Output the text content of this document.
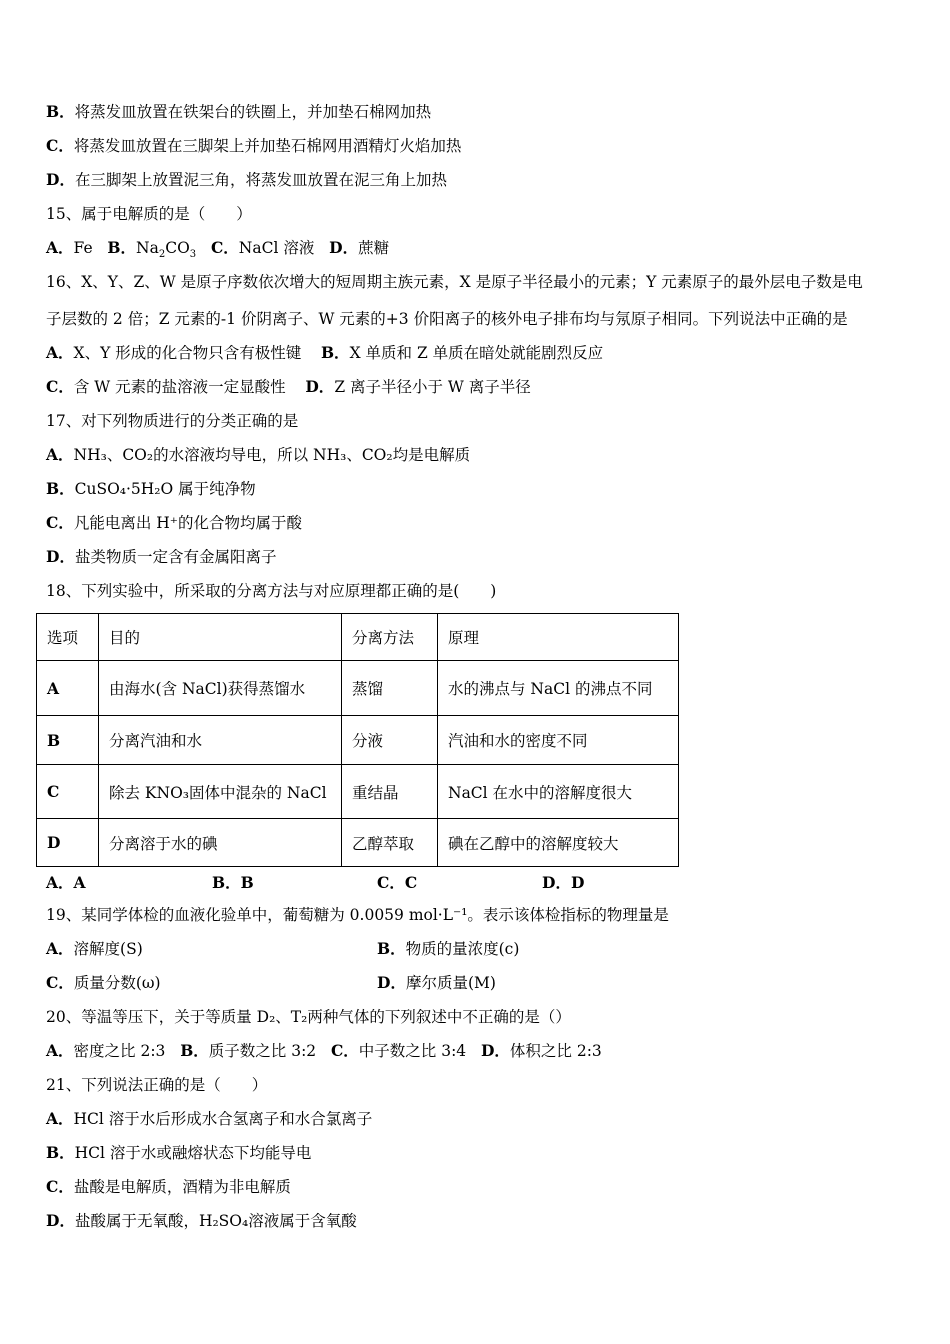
B．将蒸发皿放置在铁架台的铁圈上，并加垫石棉网加热
C．将蒸发皿放置在三脚架上并加垫石棉网用酒精灯火焰加热
D．在三脚架上放置泥三角，将蒸发皿放置在泥三角上加热
15、属于电解质的是（　　）
A．Fe B．$Na_2CO_3$ C．NaCl 溶液 D．蔗糖
16、X、Y、Z、W 是原子序数依次增大的短周期主族元素，X 是原子半径最小的元素；Y 元素原子的最外层电子数是电
子层数的 2 倍；Z 元素的-1 价阴离子、W 元素的+3 价阳离子的核外电子排布均与氖原子相同。下列说法中正确的是
A．X、Y 形成的化合物只含有极性键 B．X 单质和 Z 单质在暗处就能剧烈反应
C．含 W 元素的盐溶液一定显酸性 D．Z 离子半径小于 W 离子半径
17、对下列物质进行的分类正确的是
A．NH₃、CO₂的水溶液均导电，所以 NH₃、CO₂均是电解质
B．CuSO₄·5H₂O 属于纯净物
C．凡能电离出 H⁺的化合物均属于酸
D．盐类物质一定含有金属阳离子
18、下列实验中，所采取的分离方法与对应原理都正确的是(　　)
选项	目的	分离方法	原理
A	由海水(含 NaCl)获得蒸馏水	蒸馏	水的沸点与 NaCl 的沸点不同
B	分离汽油和水	分液	汽油和水的密度不同
C	除去 KNO₃固体中混杂的 NaCl	重结晶	NaCl 在水中的溶解度很大
D	分离溶于水的碘	乙醇萃取	碘在乙醇中的溶解度较大
A．A	B．B	C．C	D．D
19、某同学体检的血液化验单中，葡萄糖为 0.0059 mol·L⁻¹。表示该体检指标的物理量是
A．溶解度(S)	B．物质的量浓度(c)
C．质量分数(ω)	D．摩尔质量(M)
20、等温等压下，关于等质量 D₂、T₂两种气体的下列叙述中不正确的是（）
A．密度之比 2:3 B．质子数之比 3:2 C．中子数之比 3:4 D．体积之比 2:3
21、下列说法正确的是（　　）
A．HCl 溶于水后形成水合氢离子和水合氯离子
B．HCl 溶于水或融熔状态下均能导电
C．盐酸是电解质，酒精为非电解质
D．盐酸属于无氧酸，H₂SO₄溶液属于含氧酸
